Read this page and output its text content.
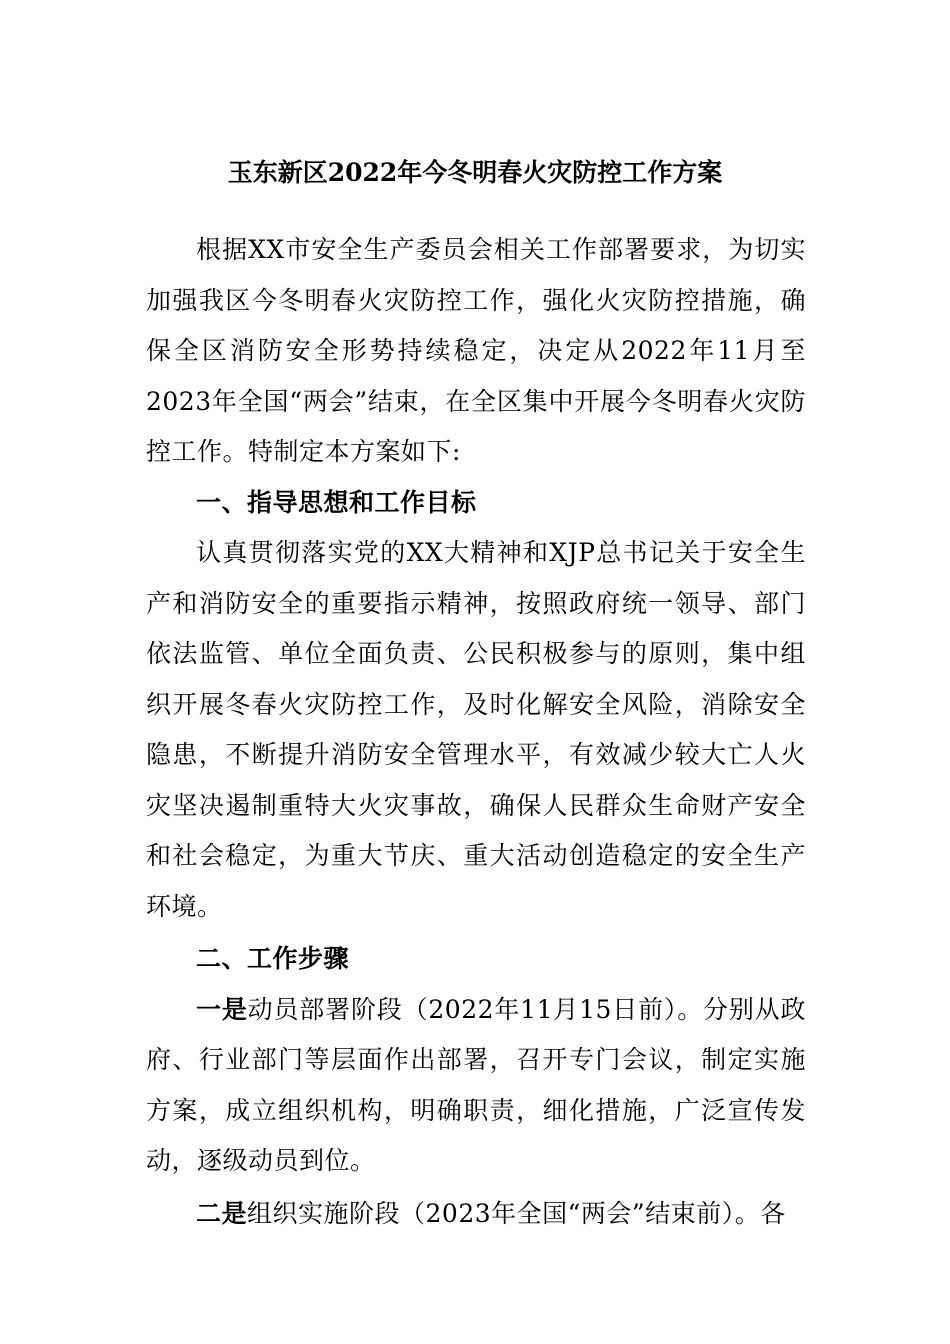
玉东新区2022年今冬明春火灾防控工作方案

根据XX市安全生产委员会相关工作部署要求，为切实加强我区今冬明春火灾防控工作，强化火灾防控措施，确保全区消防安全形势持续稳定，决定从2022年11月至2023年全国“两会”结束，在全区集中开展今冬明春火灾防控工作。特制定本方案如下:

一、指导思想和工作目标

认真贯彻落实党的XX大精神和XJP总书记关于安全生产和消防安全的重要指示精神，按照政府统一领导、部门依法监管、单位全面负责、公民积极参与的原则，集中组织开展冬春火灾防控工作，及时化解安全风险，消除安全隐患，不断提升消防安全管理水平，有效减少较大亡人火灾坚决遏制重特大火灾事故，确保人民群众生命财产安全和社会稳定，为重大节庆、重大活动创造稳定的安全生产环境。

二、工作步骤

一是动员部署阶段（2022年11月15日前）。分别从政府、行业部门等层面作出部署，召开专门会议，制定实施方案，成立组织机构，明确职责，细化措施，广泛宣传发动，逐级动员到位。

二是组织实施阶段（2023年全国“两会”结束前）。各
